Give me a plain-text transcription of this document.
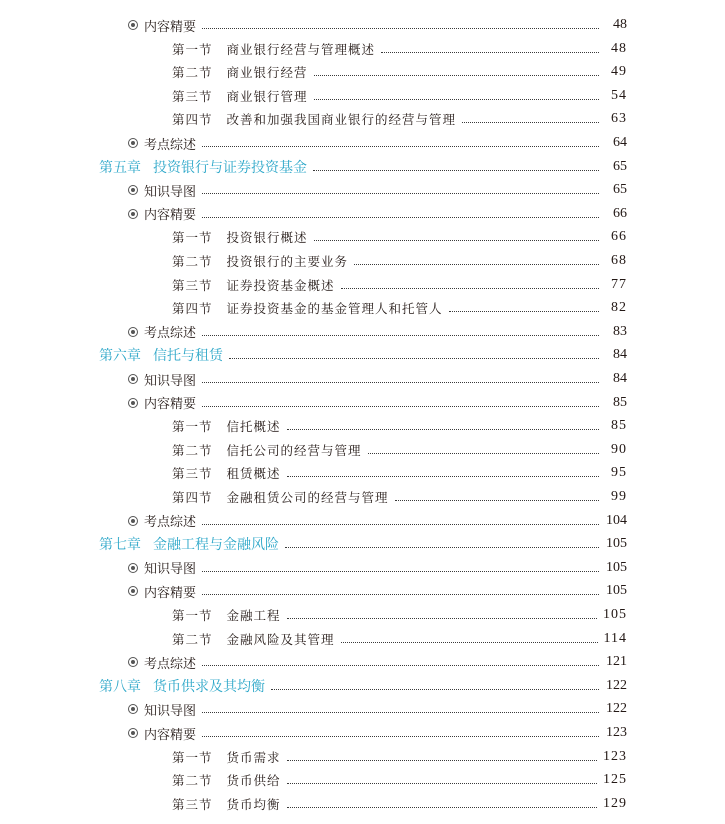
内容精要	48
第一节 商业银行经营与管理概述	48
第二节 商业银行经营	49
第三节 商业银行管理	54
第四节 改善和加强我国商业银行的经营与管理	63
考点综述	64
第五章 投资银行与证券投资基金	65
知识导图	65
内容精要	66
第一节 投资银行概述	66
第二节 投资银行的主要业务	68
第三节 证券投资基金概述	77
第四节 证券投资基金的基金管理人和托管人	82
考点综述	83
第六章 信托与租赁	84
知识导图	84
内容精要	85
第一节 信托概述	85
第二节 信托公司的经营与管理	90
第三节 租赁概述	95
第四节 金融租赁公司的经营与管理	99
考点综述	104
第七章 金融工程与金融风险	105
知识导图	105
内容精要	105
第一节 金融工程	105
第二节 金融风险及其管理	114
考点综述	121
第八章 货币供求及其均衡	122
知识导图	122
内容精要	123
第一节 货币需求	123
第二节 货币供给	125
第三节 货币均衡	129
